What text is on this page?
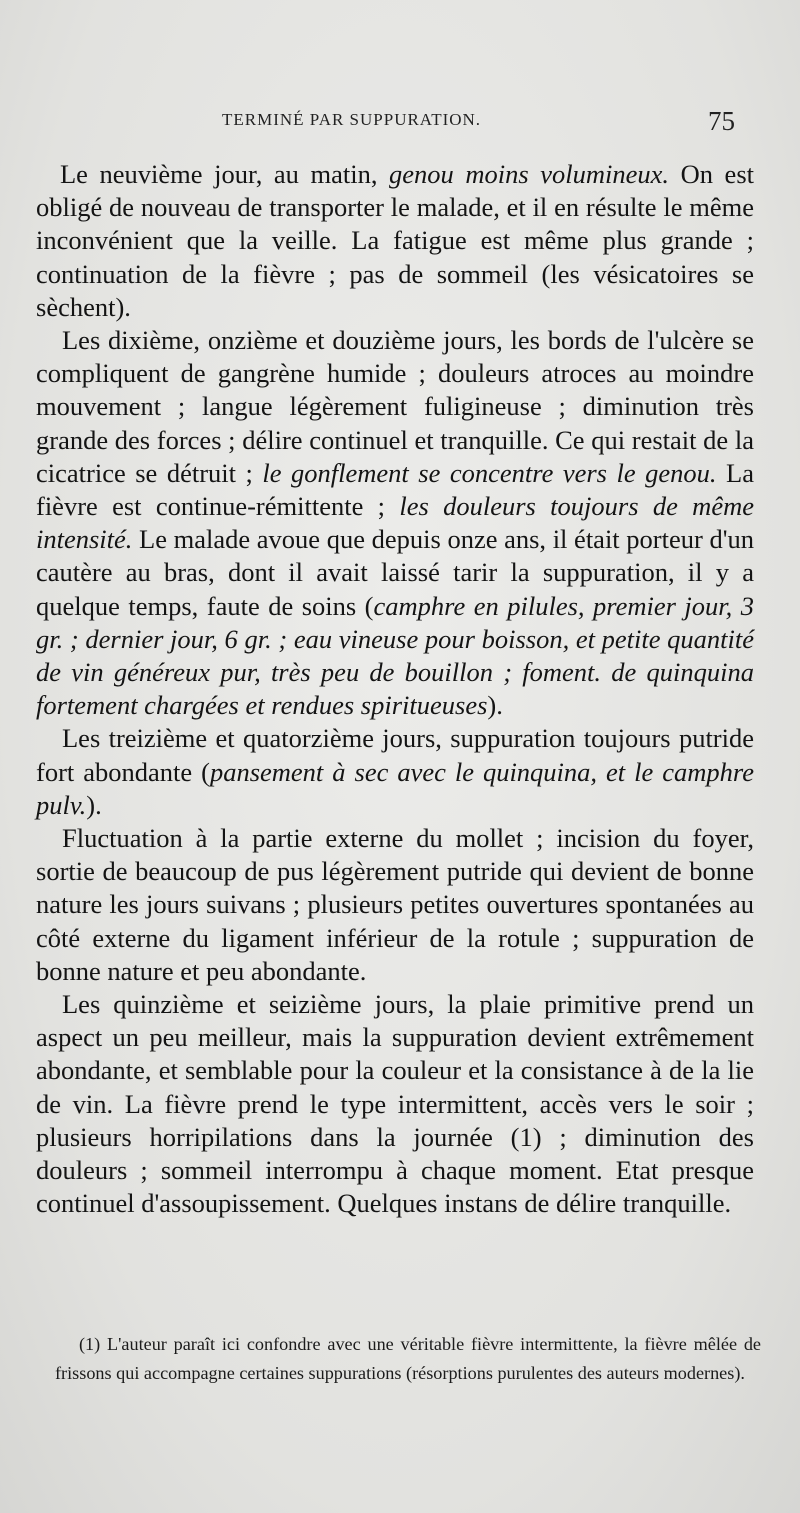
TERMINÉ PAR SUPPURATION.	75

Le neuvième jour, au matin, genou moins volumineux. On est obligé de nouveau de transporter le malade, et il en résulte le même inconvénient que la veille. La fatigue est même plus grande ; continuation de la fièvre ; pas de sommeil (les vésicatoires se sèchent).

Les dixième, onzième et douzième jours, les bords de l'ulcère se compliquent de gangrène humide ; douleurs atroces au moindre mouvement ; langue légèrement fuligineuse ; diminution très grande des forces ; délire continuel et tranquille. Ce qui restait de la cicatrice se détruit ; le gonflement se concentre vers le genou. La fièvre est continue-rémittente ; les douleurs toujours de même intensité. Le malade avoue que depuis onze ans, il était porteur d'un cautère au bras, dont il avait laissé tarir la suppuration, il y a quelque temps, faute de soins (camphre en pilules, premier jour, 3 gr. ; dernier jour, 6 gr. ; eau vineuse pour boisson, et petite quantité de vin généreux pur, très peu de bouillon ; foment. de quinquina fortement chargées et rendues spiritueuses).

Les treizième et quatorzième jours, suppuration toujours putride fort abondante (pansement à sec avec le quinquina, et le camphre pulv.).

Fluctuation à la partie externe du mollet ; incision du foyer, sortie de beaucoup de pus légèrement putride qui devient de bonne nature les jours suivans ; plusieurs petites ouvertures spontanées au côté externe du ligament inférieur de la rotule ; suppuration de bonne nature et peu abondante.

Les quinzième et seizième jours, la plaie primitive prend un aspect un peu meilleur, mais la suppuration devient extrêmement abondante, et semblable pour la couleur et la consistance à de la lie de vin. La fièvre prend le type intermittent, accès vers le soir ; plusieurs horripilations dans la journée (1) ; diminution des douleurs ; sommeil interrompu à chaque moment. Etat presque continuel d'assoupissement. Quelques instans de délire tranquille.

(1) L'auteur paraît ici confondre avec une véritable fièvre intermittente, la fièvre mêlée de frissons qui accompagne certaines suppurations (résorptions purulentes des auteurs modernes).
